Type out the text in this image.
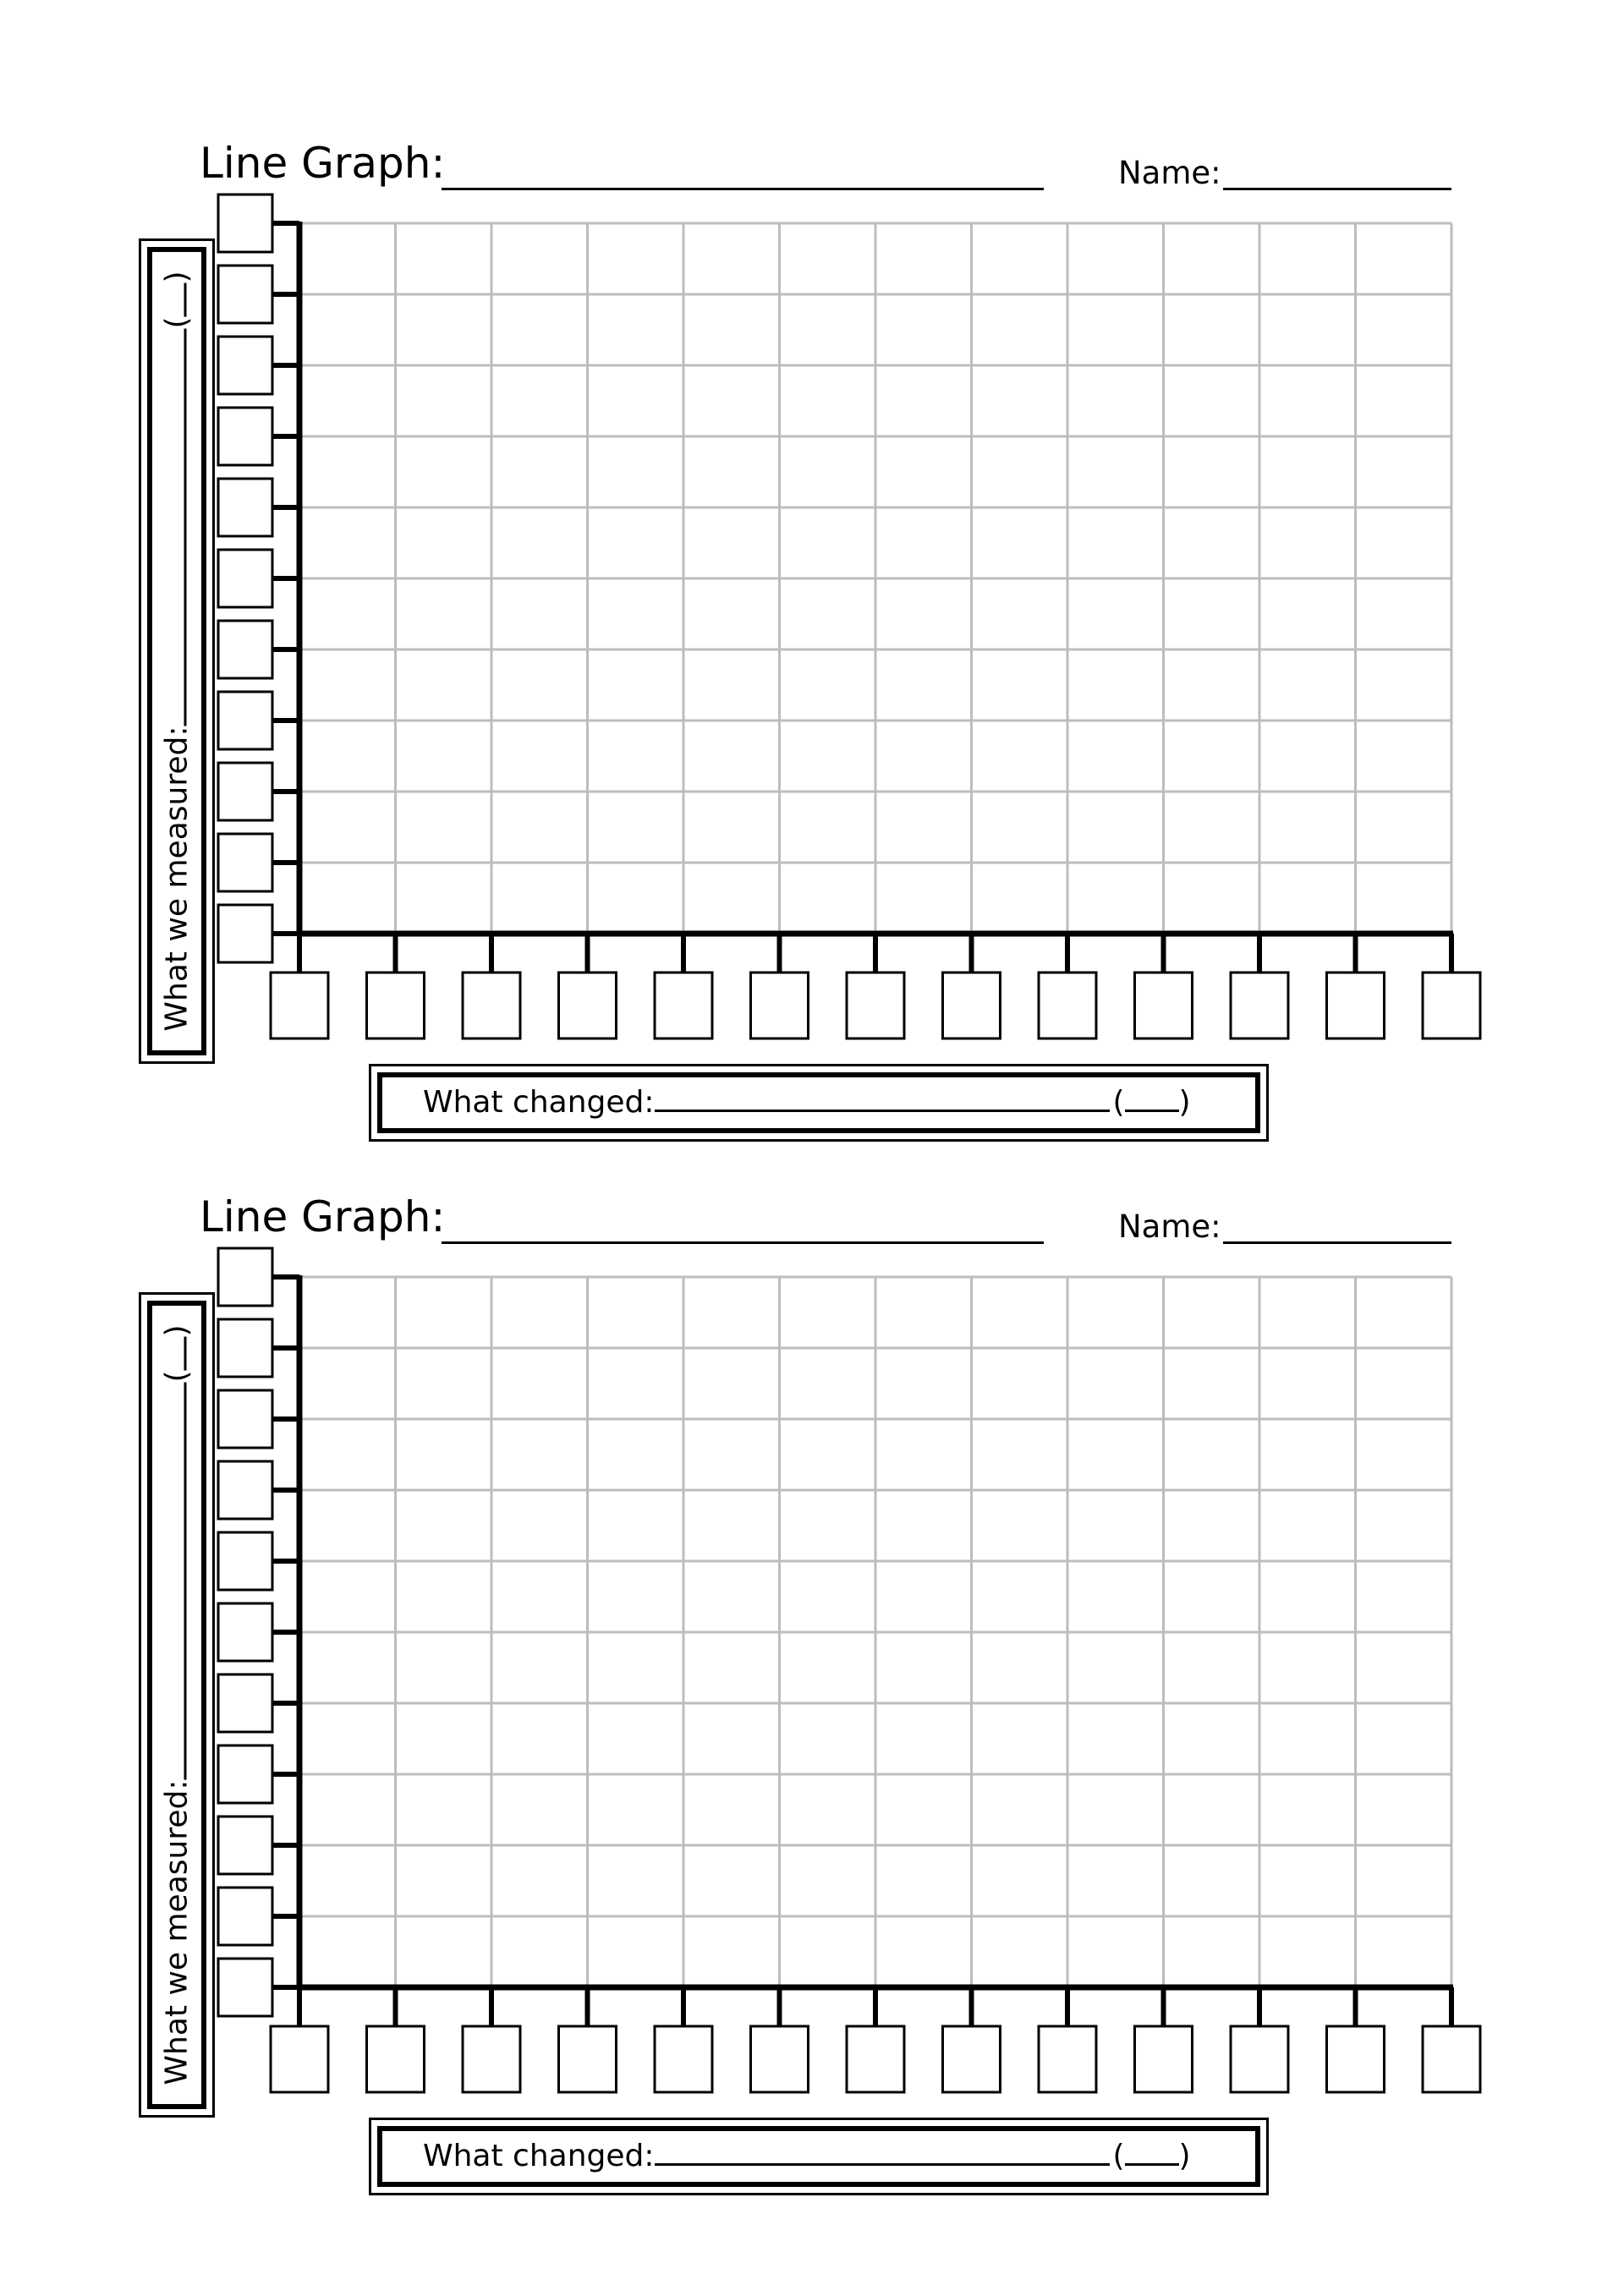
Line Graph:	Name:
What we measured:
(
)
What changed:	( )
Line Graph:	Name:
What we measured:
(
)
What changed:	( )
